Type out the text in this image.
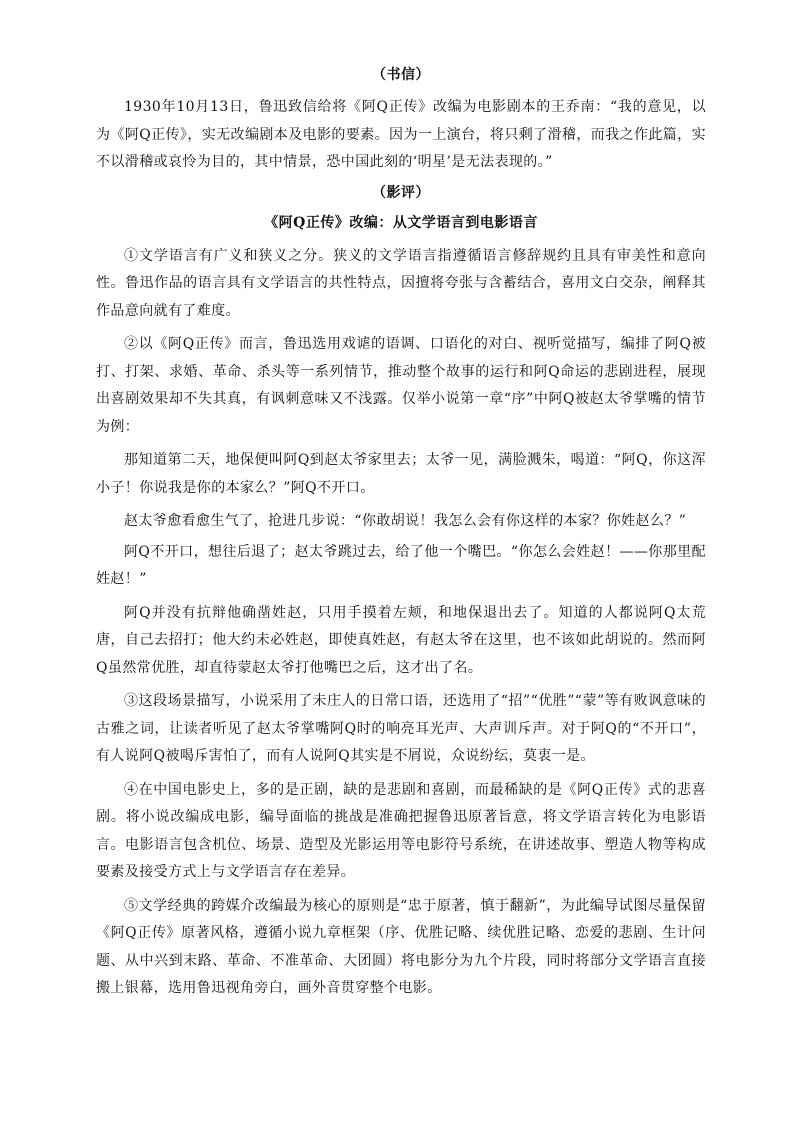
（书信）

1930年10月13日，鲁迅致信给将《阿Q正传》改编为电影剧本的王乔南：“我的意见，以为《阿Q正传》，实无改编剧本及电影的要素。因为一上演台，将只剩了滑稽，而我之作此篇，实不以滑稽或哀怜为目的，其中情景，恐中国此刻的‘明星’是无法表现的。”

（影评）
《阿Q正传》改编：从文学语言到电影语言

①文学语言有广义和狭义之分。狭义的文学语言指遵循语言修辞规约且具有审美性和意向性。鲁迅作品的语言具有文学语言的共性特点，因擅将夸张与含蓄结合，喜用文白交杂，阐释其作品意向就有了难度。

②以《阿Q正传》而言，鲁迅选用戏谑的语调、口语化的对白、视听觉描写，编排了阿Q被打、打架、求婚、革命、杀头等一系列情节，推动整个故事的运行和阿Q命运的悲剧进程，展现出喜剧效果却不失其真，有讽刺意味又不浅露。仅举小说第一章“序”中阿Q被赵太爷掌嘴的情节为例：

那知道第二天，地保便叫阿Q到赵太爷家里去；太爷一见，满脸溅朱，喝道：“阿Q，你这浑小子！你说我是你的本家么？”阿Q不开口。

赵太爷愈看愈生气了，抢进几步说：“你敢胡说！我怎么会有你这样的本家？你姓赵么？”

阿Q不开口，想往后退了；赵太爷跳过去，给了他一个嘴巴。“你怎么会姓赵！——你那里配姓赵！”

阿Q并没有抗辩他确凿姓赵，只用手摸着左颊，和地保退出去了。知道的人都说阿Q太荒唐，自己去招打；他大约未必姓赵，即使真姓赵，有赵太爷在这里，也不该如此胡说的。然而阿Q虽然常优胜，却直待蒙赵太爷打他嘴巴之后，这才出了名。

③这段场景描写，小说采用了未庄人的日常口语，还选用了“招”“优胜”“蒙”等有败讽意味的古雅之词，让读者听见了赵太爷掌嘴阿Q时的响亮耳光声、大声训斥声。对于阿Q的“不开口”，有人说阿Q被喝斥害怕了，而有人说阿Q其实是不屑说，众说纷纭，莫衷一是。

④在中国电影史上，多的是正剧，缺的是悲剧和喜剧，而最稀缺的是《阿Q正传》式的悲喜剧。将小说改编成电影，编导面临的挑战是准确把握鲁迅原著旨意，将文学语言转化为电影语言。电影语言包含机位、场景、造型及光影运用等电影符号系统，在讲述故事、塑造人物等构成要素及接受方式上与文学语言存在差异。

⑤文学经典的跨媒介改编最为核心的原则是“忠于原著，慎于翻新”，为此编导试图尽量保留《阿Q正传》原著风格，遵循小说九章框架（序、优胜记略、续优胜记略、恋爱的悲剧、生计问题、从中兴到末路、革命、不准革命、大团圆）将电影分为九个片段，同时将部分文学语言直接搬上银幕，选用鲁迅视角旁白，画外音贯穿整个电影。
